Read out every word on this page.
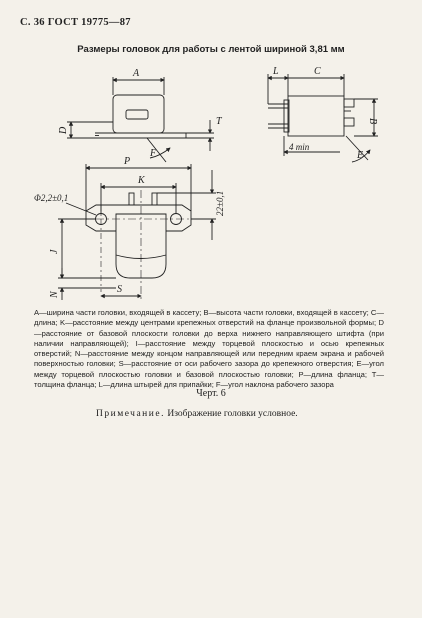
С. 36 ГОСТ 19775—87
Размеры головок для работы с лентой шириной 3,81 мм
A
D
T
F
L	C
B
E
4 min
P
K
Φ2,2±0,1	22±0,1
J
N	S
A—ширина части головки, входящей в кассету; B—высота части головки, входящей в кассету; C—длина; K—расстояние между центрами крепежных отверстий на фланце произвольной формы; D—расстояние от базовой плоскости головки до верха нижнего направляющего штифта (при наличии направляющей); I—расстояние между торцевой плоскостью и осью крепежных отверстий; N—расстояние между концом направляющей или передним краем экрана и рабочей поверхностью головки; S—расстояние от оси рабочего зазора до крепежного отверстия; E—угол между торцевой плоскостью головки и базовой плоскостью головки; P—длина фланца; T—толщина фланца; L—длина штырей для припайки; F—угол наклона рабочего зазора
Черт. 6
Примечание. Изображение головки условное.
